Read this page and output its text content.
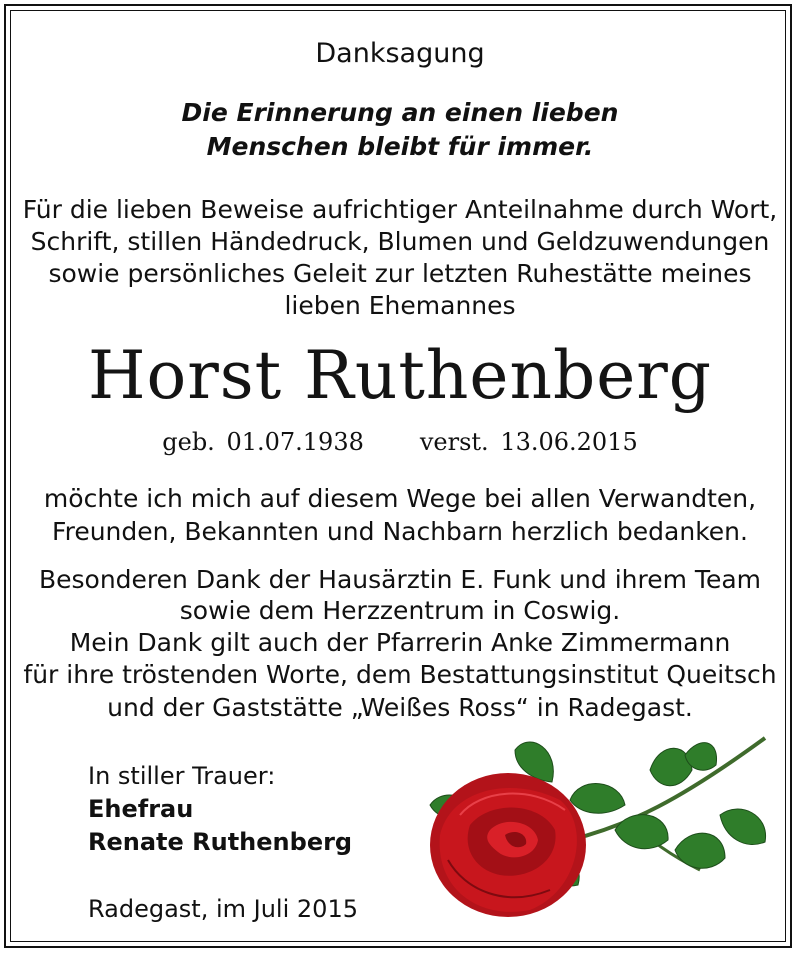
Danksagung
Die Erinnerung an einen lieben
Menschen bleibt für immer.
Für die lieben Beweise aufrichtiger Anteilnahme durch Wort,
Schrift, stillen Händedruck, Blumen und Geldzuwendungen
sowie persönliches Geleit zur letzten Ruhestätte meines
lieben Ehemannes
Horst Ruthenberg
geb. 01.07.1938 verst. 13.06.2015
möchte ich mich auf diesem Wege bei allen Verwandten,
Freunden, Bekannten und Nachbarn herzlich bedanken.
Besonderen Dank der Hausärztin E. Funk und ihrem Team
sowie dem Herzzentrum in Coswig.
Mein Dank gilt auch der Pfarrerin Anke Zimmermann
für ihre tröstenden Worte, dem Bestattungsinstitut Queitsch
und der Gaststätte „Weißes Ross“ in Radegast.
In stiller Trauer:
Ehefrau
Renate Ruthenberg
Radegast, im Juli 2015
